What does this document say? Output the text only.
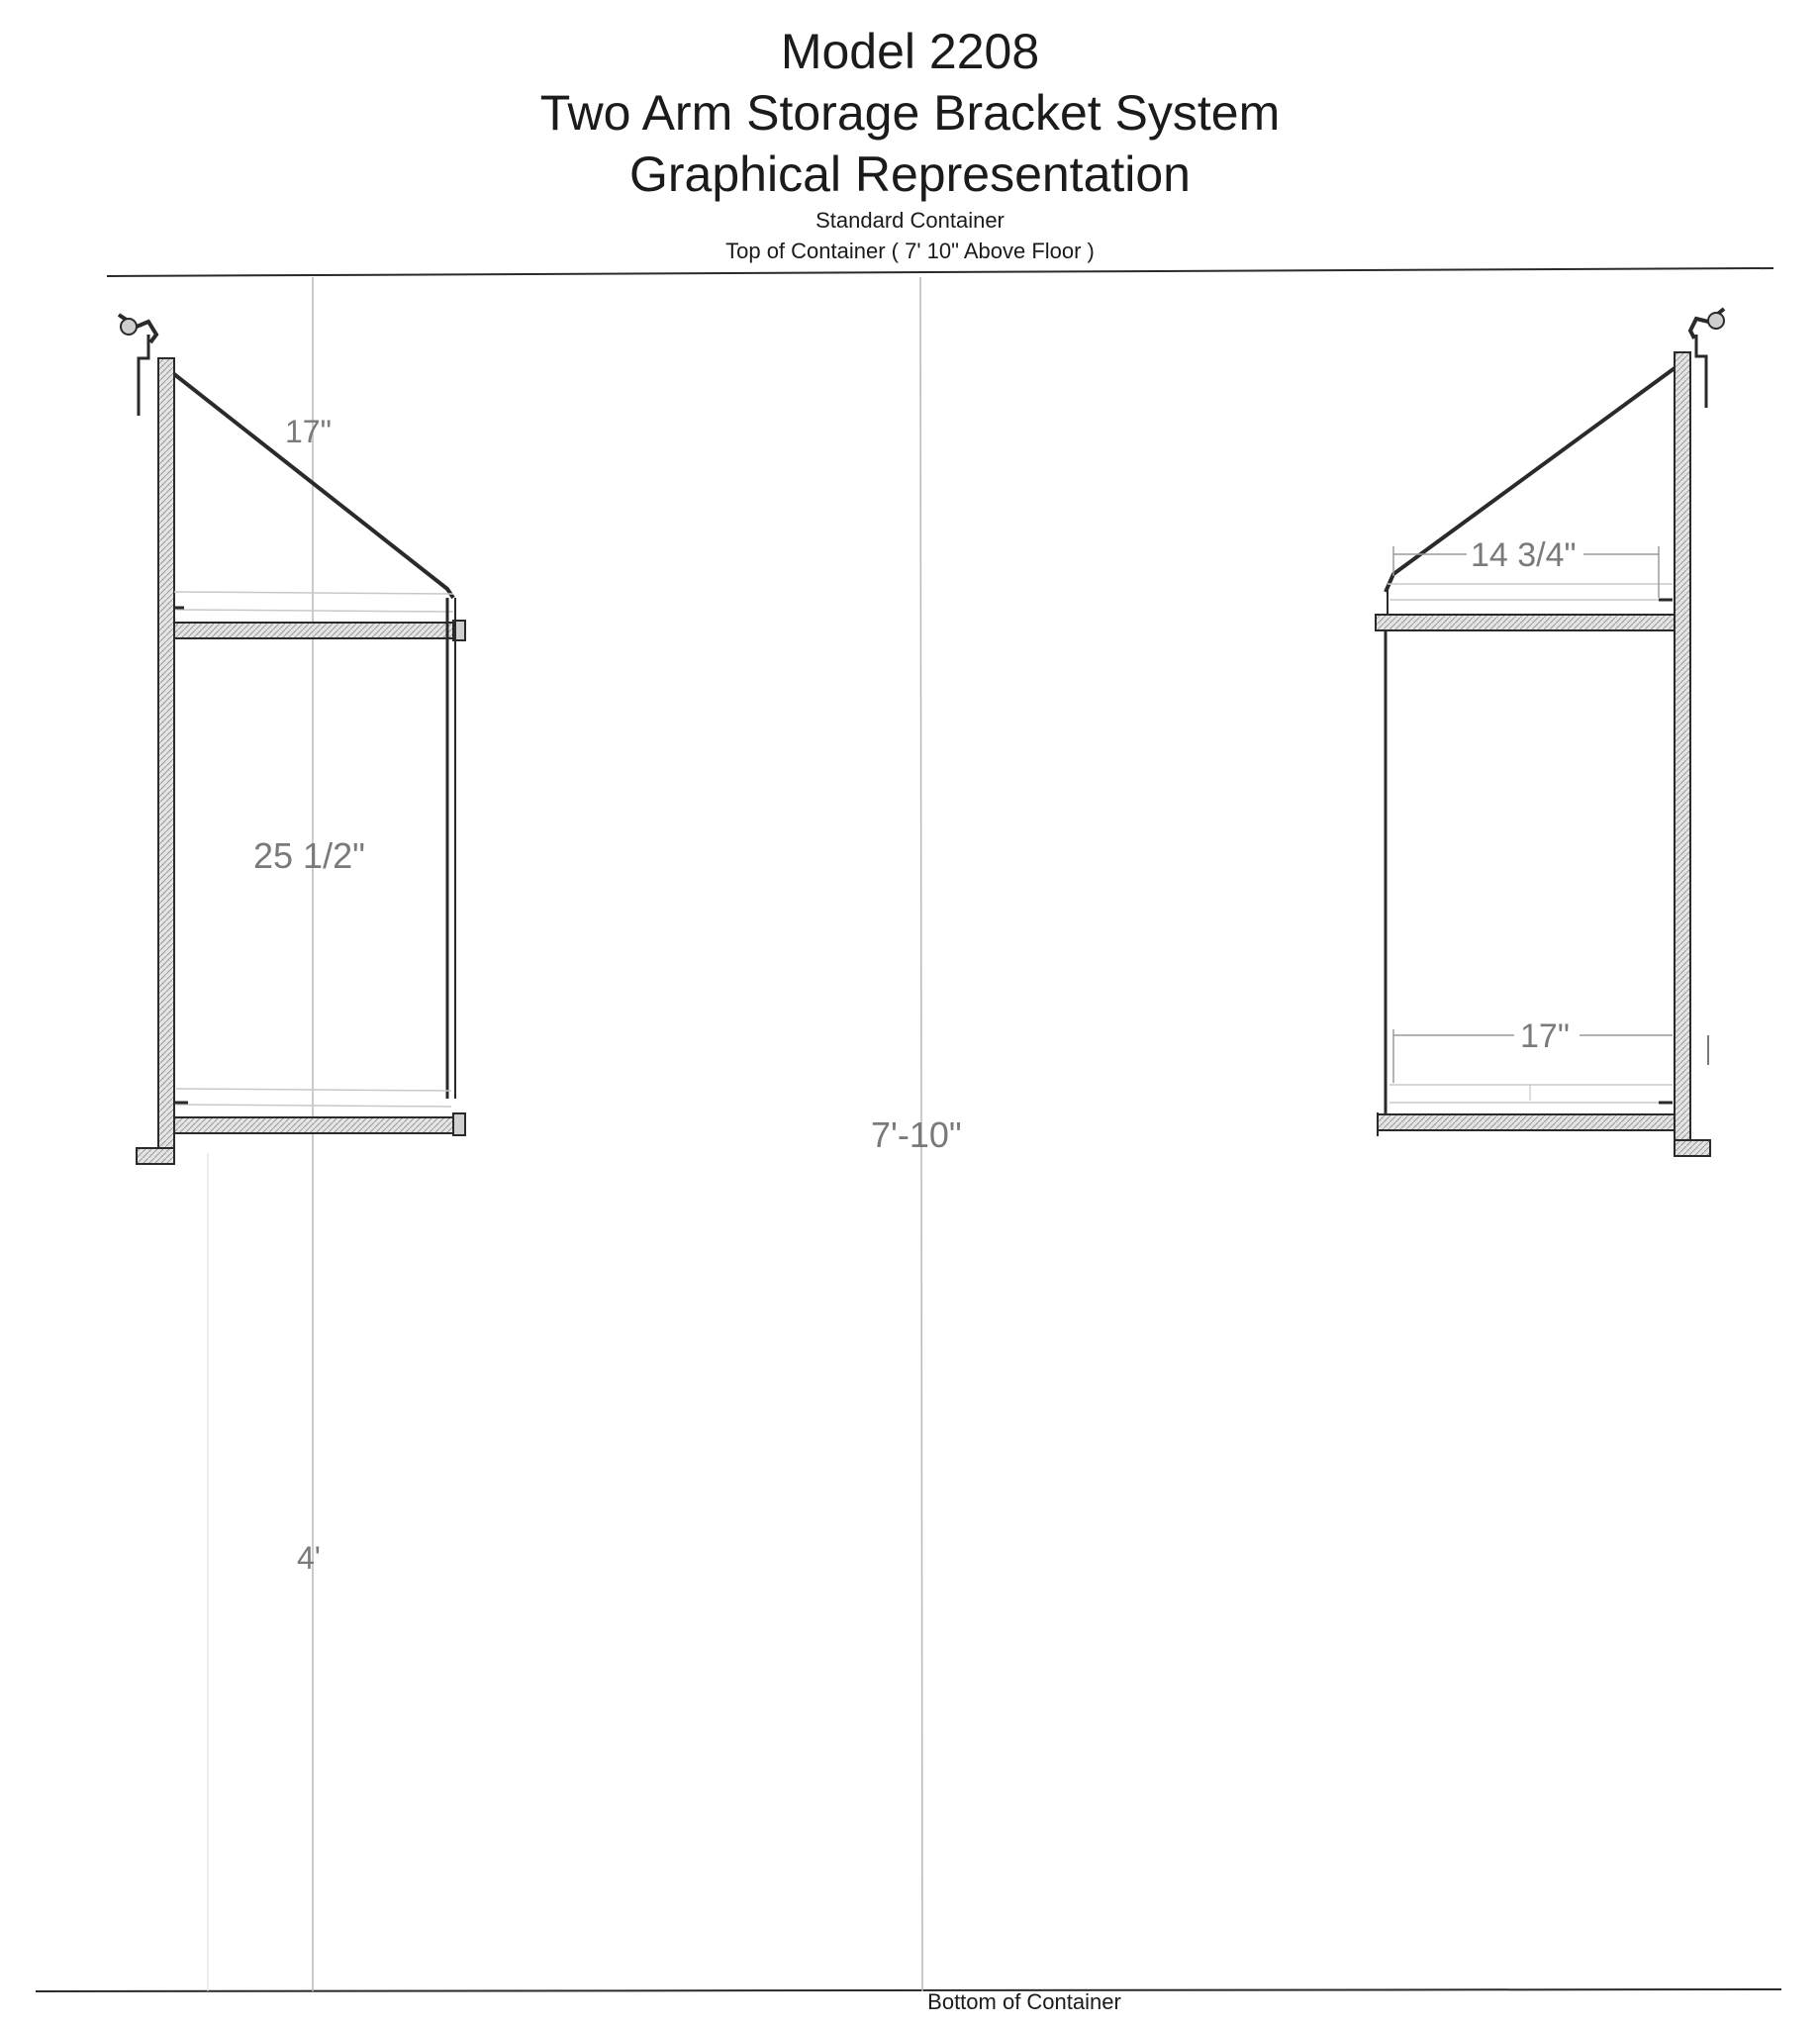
Model 2208
Two Arm Storage Bracket System
Graphical Representation
Standard Container
Top of Container ( 7' 10" Above Floor )
17"
25 1/2"
4'
7'-10"
14 3/4"
17"
Bottom of Container
